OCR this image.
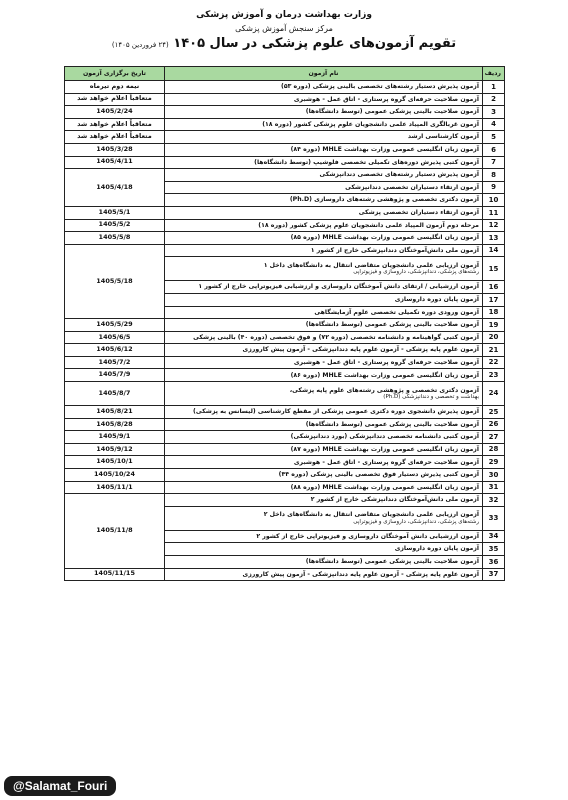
وزارت بهداشت درمان و آموزش پزشکی
مرکز سنجش آموزش پزشکی
تقویم آزمون‌های علوم پزشکی در سال ۱۴۰۵ (۲۴ فروردین ۱۴۰۵)
ردیف	نام آزمون	تاریخ برگزاری آزمون
1	آزمون پذیرش دستیار رشته‌های تخصصی بالینی پزشکی (دوره ۵۳)	نیمه دوم تیرماه
2	آزمون صلاحیت حرفه‌ای گروه پرستاری - اتاق عمل - هوشبری	متعاقباً اعلام خواهد شد
3	آزمون صلاحیت بالینی پزشکی عمومی (توسط دانشگاه‌ها)	1405/2/24
4	آزمون غربالگری المپیاد علمی دانشجویان علوم پزشکی کشور (دوره ۱۸)	متعاقباً اعلام خواهد شد
5	آزمون کارشناسی ارشد	متعاقباً اعلام خواهد شد
6	آزمون زبان انگلیسی عمومی وزارت بهداشت MHLE (دوره ۸۴)	1405/3/28
7	آزمون کتبی پذیرش دوره‌های تکمیلی تخصصی فلوشیپ (توسط دانشگاه‌ها)	1405/4/11
8	آزمون پذیرش دستیار رشته‌های تخصصی دندانپزشکی	1405/4/18
9	آزمون ارتقاء دستیاران تخصصی دندانپزشکی	
10	آزمون دکتری تخصصی و پژوهشی رشته‌های داروسازی (Ph.D)	
11	آزمون ارتقاء دستیاران تخصصی پزشکی	1405/5/1
12	مرحله دوم آزمون المپیاد علمی دانشجویان علوم پزشکی کشور (دوره ۱۸)	1405/5/2
13	آزمون زبان انگلیسی عمومی وزارت بهداشت MHLE (دوره ۸۵)	1405/5/8
14	آزمون ملی دانش‌آموختگان دندانپزشکی خارج از کشور ۱	1405/5/18
15	آزمون ارزیابی علمی دانشجویان متقاضی انتقال به دانشگاه‌های داخل ۱
رشته‌های پزشکی، دندانپزشکی، داروسازی و فیزیوتراپی	

16	آزمون ارزشیابی / ارتقای دانش آموختگان داروسازی و ارزشیابی فیزیوتراپی خارج از کشور ۱	
17	آزمون پایان دوره داروسازی	
18	آزمون ورودی دوره تکمیلی تخصصی علوم آزمایشگاهی	
19	آزمون صلاحیت بالینی پزشکی عمومی (توسط دانشگاه‌ها)	1405/5/29
20	آزمون کتبی گواهینامه و دانشنامه تخصصی (دوره ۷۲) و فوق تخصصی (دوره ۴۰) بالینی پزشکی	1405/6/5
21	آزمون علوم پایه پزشکی - آزمون علوم پایه دندانپزشکی - آزمون پیش کارورزی	1405/6/12
22	آزمون صلاحیت حرفه‌ای گروه پرستاری - اتاق عمل - هوشبری	1405/7/2
23	آزمون زبان انگلیسی عمومی وزارت بهداشت MHLE (دوره ۸۶)	1405/7/9
24	آزمون دکتری تخصصی و پژوهشی رشته‌های علوم پایه پزشکی،
بهداشت و تخصصی و دندانپزشکی (Ph.D)	1405/8/7
25	آزمون پذیرش دانشجوی دوره دکتری عمومی پزشکی از مقطع کارشناسی (لیسانس به پزشکی)	1405/8/21
26	آزمون صلاحیت بالینی پزشکی عمومی (توسط دانشگاه‌ها)	1405/8/28
27	آزمون کتبی دانشنامه تخصصی دندانپزشکی (بورد دندانپزشکی)	1405/9/1
28	آزمون زبان انگلیسی عمومی وزارت بهداشت MHLE (دوره ۸۷)	1405/9/12
29	آزمون صلاحیت حرفه‌ای گروه پرستاری - اتاق عمل - هوشبری	1405/10/1
30	آزمون کتبی پذیرش دستیار فوق تخصصی بالینی پزشکی (دوره ۴۴)	1405/10/24
31	آزمون زبان انگلیسی عمومی وزارت بهداشت MHLE (دوره ۸۸)	1405/11/1
32	آزمون ملی دانش‌آموختگان دندانپزشکی خارج از کشور ۲	1405/11/8
33	آزمون ارزیابی علمی دانشجویان متقاضی انتقال به دانشگاه‌های داخل ۲
رشته‌های پزشکی، دندانپزشکی، داروسازی و فیزیوتراپی	

34	آزمون ارزشیابی دانش آموختگان داروسازی و فیزیوتراپی خارج از کشور ۲	
35	آزمون پایان دوره داروسازی	
36	آزمون صلاحیت بالینی پزشکی عمومی (توسط دانشگاه‌ها)	
37	آزمون علوم پایه پزشکی - آزمون علوم پایه دندانپزشکی - آزمون پیش کارورزی	1405/11/15
@Salamat_Fouri
